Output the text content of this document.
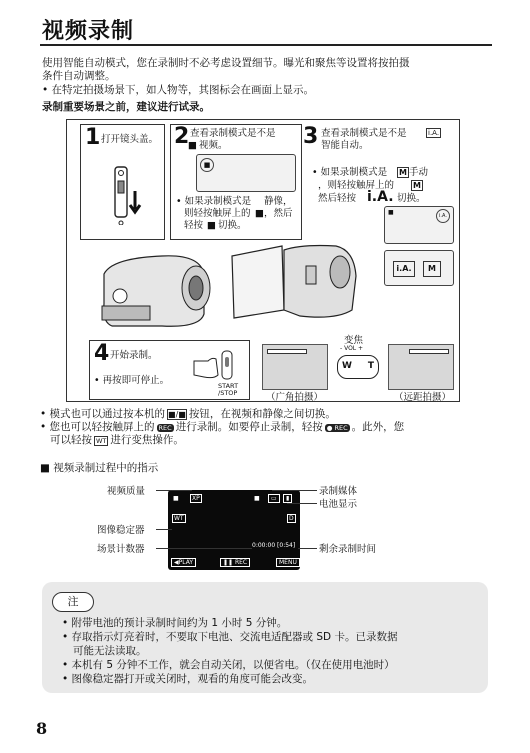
视频录制
使用智能自动模式，您在录制时不必考虑设置细节。曝光和聚焦等设置将按拍摄
条件自动调整。
• 在特定拍摄场景下，如人物等，其图标会在画面上显示。
录制重要场景之前，建议进行试录。
1 打开镜头盖。 2 查看录制模式是不是
■ 视频。
■
• 如果录制模式是 静像，
则轻按触屏上的 ■ ，然后
轻按 ■ 切换。
3 查看录制模式是不是	i.A.
智能自动。
• 如果录制模式是 M 手动
，则轻按触屏上的 M
然后轻按 i.A. 切换。
■	i.A.
i.A.	M
4 开始录制。
• 再按即可停止。	START
/STOP
变焦
- VOL +
W T
（广角拍摄）	（远距拍摄）
• 模式也可以通过按本机的 ■/■ 按钮，在视频和静像之间切换。
• 您也可以轻按触屏上的 REC 进行录制。如要停止录制，轻按 ● REC 。此外，您
可以轻按 WT 进行变焦操作。
■ 视频录制过程中的指示
■	XP	■	▭	▮
WT	D
0:00:00 [0:54]
◀PLAY	❚❚ REC	MENU
视频质量
图像稳定器
场景计数器
录制媒体
电池显示
剩余录制时间
注
• 附带电池的预计录制时间约为 1 小时 5 分钟。
• 存取指示灯亮着时，不要取下电池、交流电适配器或 SD 卡。已录数据
可能无法读取。
• 本机有 5 分钟不工作，就会自动关闭，以便省电。（仅在使用电池时）
• 图像稳定器打开或关闭时，观看的角度可能会改变。
8
